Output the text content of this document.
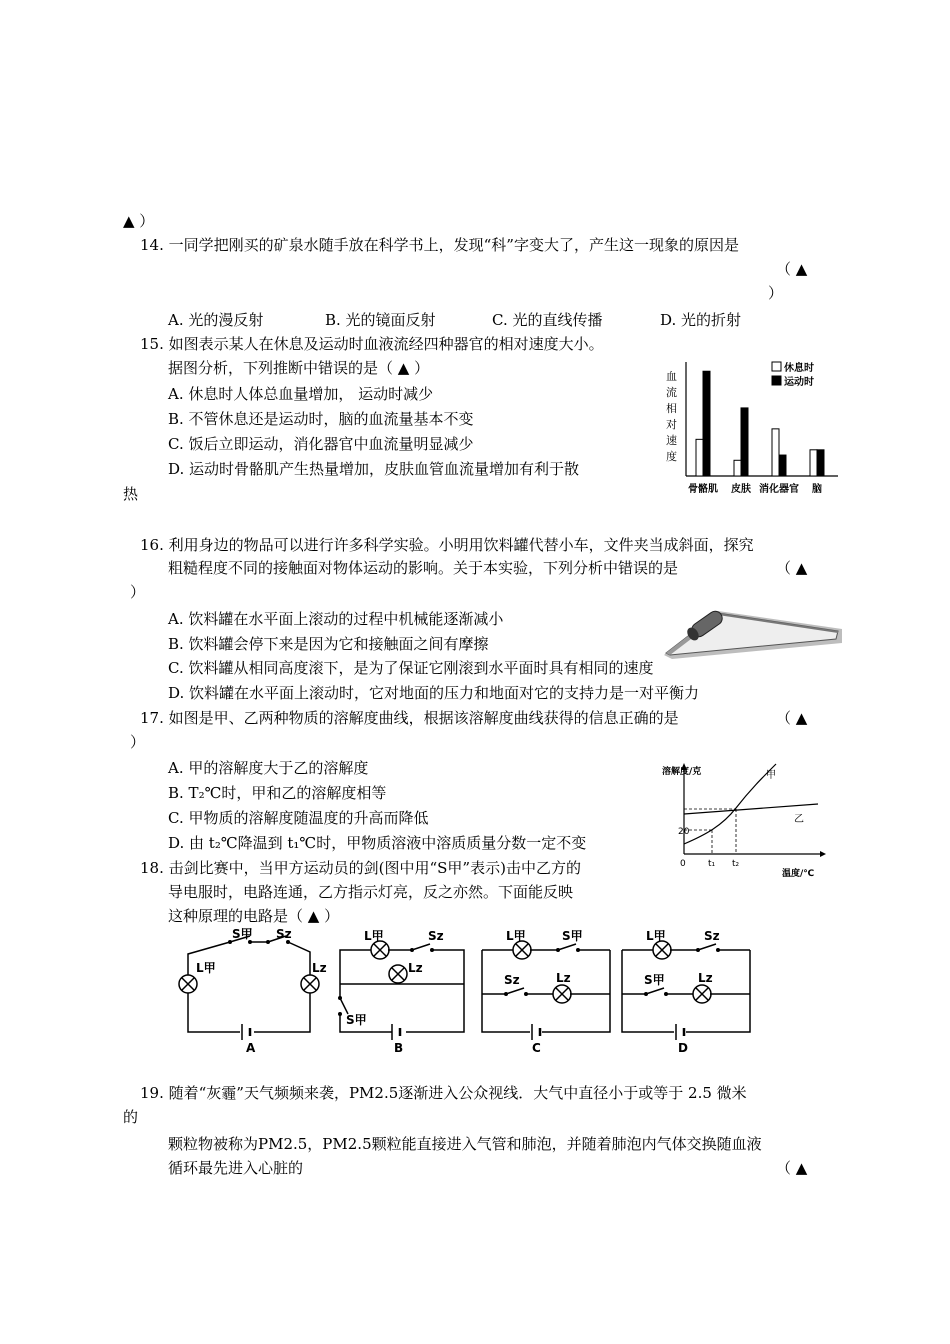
▲ ）
14. 一同学把刚买的矿泉水随手放在科学书上，发现“科”字变大了，产生这一现象的原因是
（ ▲
）
A. 光的漫反射	B. 光的镜面反射	C. 光的直线传播	D. 光的折射
15. 如图表示某人在休息及运动时血液流经四种器官的相对速度大小。
据图分析，下列推断中错误的是（ ▲ ）
A. 休息时人体总血量增加， 运动时减少
B. 不管休息还是运动时，脑的血流量基本不变
C. 饭后立即运动，消化器官中血流量明显减少
D. 运动时骨骼肌产生热量增加，皮肤血管血流量增加有利于散
热
血
流
相
对
速
度
骨骼肌 皮肤 消化器官 脑
休息时
运动时
16. 利用身边的物品可以进行许多科学实验。小明用饮料罐代替小车，文件夹当成斜面，探究
粗糙程度不同的接触面对物体运动的影响。关于本实验，下列分析中错误的是	（ ▲
）
A. 饮料罐在水平面上滚动的过程中机械能逐渐减小
B. 饮料罐会停下来是因为它和接触面之间有摩擦
C. 饮料罐从相同高度滚下，是为了保证它刚滚到水平面时具有相同的速度
D. 饮料罐在水平面上滚动时，它对地面的压力和地面对它的支持力是一对平衡力
17. 如图是甲、乙两种物质的溶解度曲线，根据该溶解度曲线获得的信息正确的是	（ ▲
）
A. 甲的溶解度大于乙的溶解度
B. T₂℃时，甲和乙的溶解度相等
C. 甲物质的溶解度随温度的升高而降低
D. 由 t₂℃降温到 t₁℃时，甲物质溶液中溶质质量分数一定不变
溶解度/克
20
0
温度/℃
t₁ t₂
甲
乙
18. 击剑比赛中，当甲方运动员的剑(图中用“S甲”表示)击中乙方的
导电服时，电路连通，乙方指示灯亮，反之亦然。下面能反映
这种原理的电路是（ ▲ ）
S甲 Sz
L甲	Lz
A
L甲	Sz
Lz
S甲
B
L甲	S甲
Sz	Lz
C
L甲	Sz
S甲	Lz
D
19. 随着“灰霾”天气频频来袭，PM2.5逐渐进入公众视线．大气中直径小于或等于 2.5 微米
的
颗粒物被称为PM2.5，PM2.5颗粒能直接进入气管和肺泡，并随着肺泡内气体交换随血液
循环最先进入心脏的	（ ▲
